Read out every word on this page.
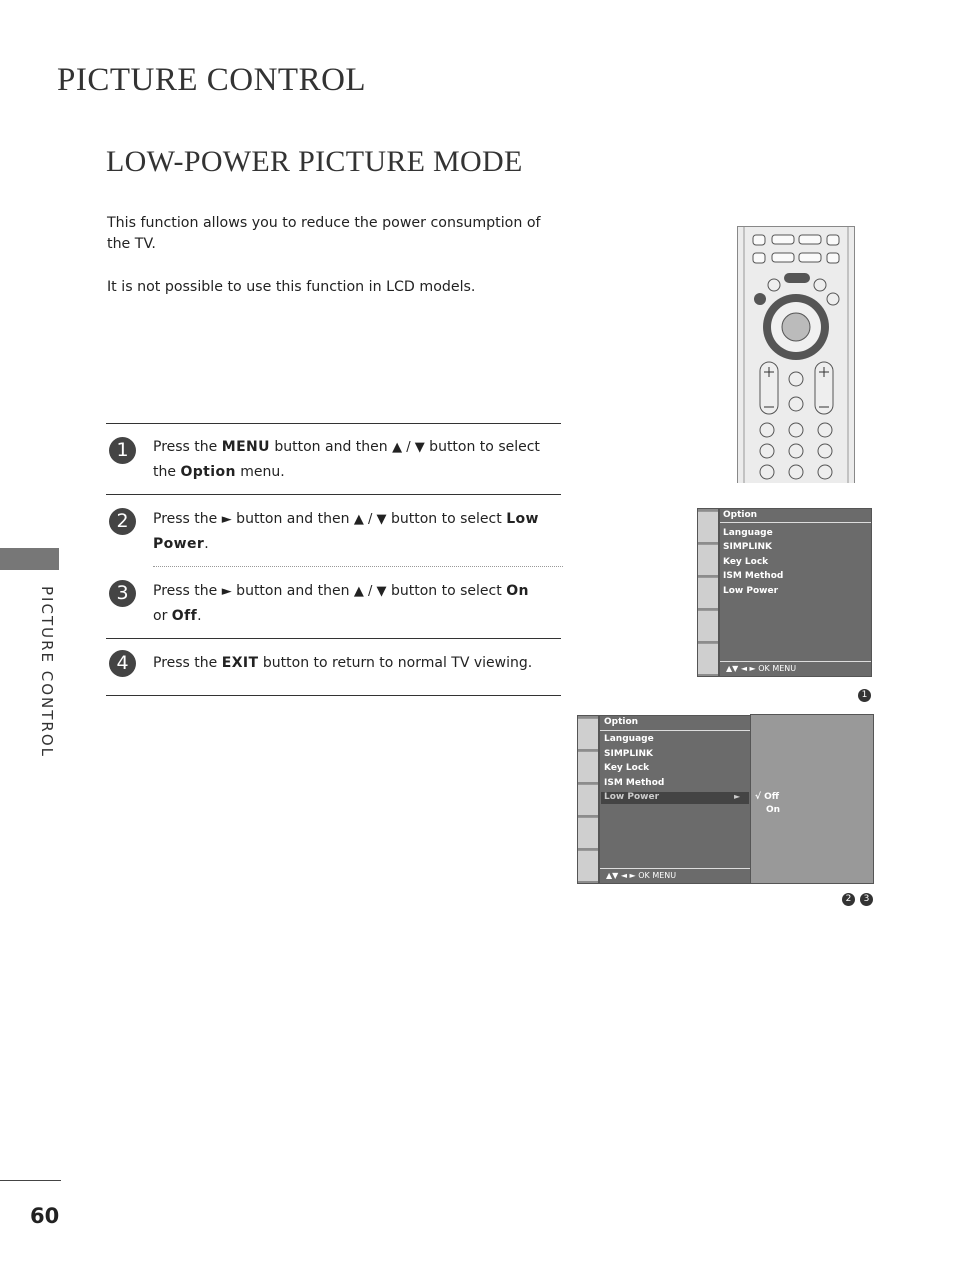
PICTURE CONTROL
LOW-POWER PICTURE MODE
This function allows you to reduce the power consumption of the TV.
It is not possible to use this function in LCD models.
PICTURE CONTROL
1	Press the MENU button and then ▲ / ▼ button to select the Option menu.
2	Press the ► button and then ▲ / ▼ button to select Low Power.
3	Press the ► button and then ▲ / ▼ button to select On or Off.
4	Press the EXIT button to return to normal TV viewing.
Option
Language
SIMPLINK
Key Lock
ISM Method
Low Power
▲▼ ◄ ► OK MENU
1
Option
Language
SIMPLINK
Key Lock
ISM Method
Low Power	►
▲▼ ◄ ► OK MENU
√ Off
On
2	3
60
